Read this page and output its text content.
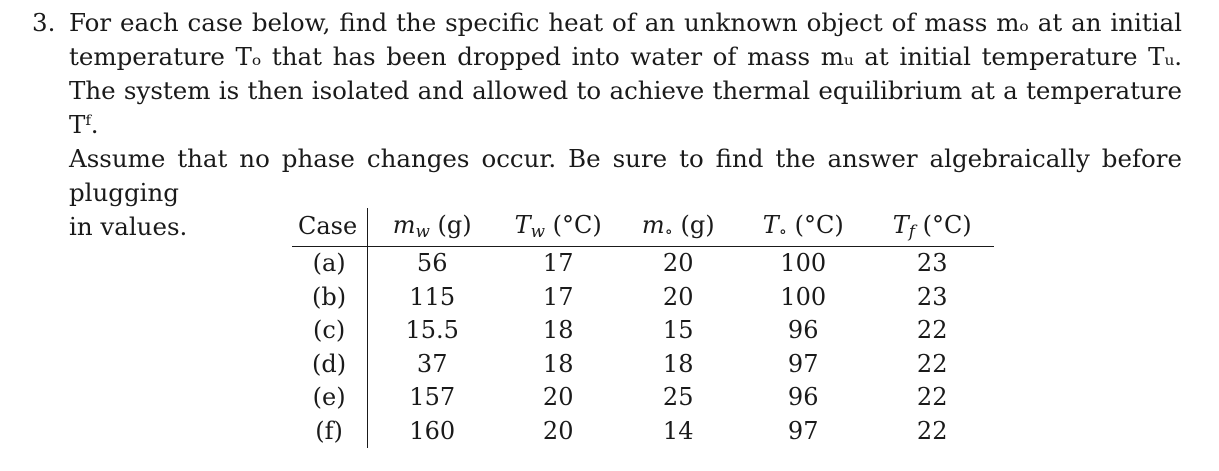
3. For each case below, find the specific heat of an unknown object of mass mₒ at an initial
temperature Tₒ that has been dropped into water of mass mᵤ at initial temperature Tᵤ.
The system is then isolated and allowed to achieve thermal equilibrium at a temperature Tᶠ.
Assume that no phase changes occur. Be sure to find the answer algebraically before plugging
in values.	Case	$m_w$ (g)	$T_w$ (°C)	$m_\circ$ (g)	$T_\circ$ (°C)	$T_f$ (°C)
(a)	56	17	20	100	23
(b)	115	17	20	100	23
(c)	15.5	18	15	96	22
(d)	37	18	18	97	22
(e)	157	20	25	96	22
(f)	160	20	14	97	22
